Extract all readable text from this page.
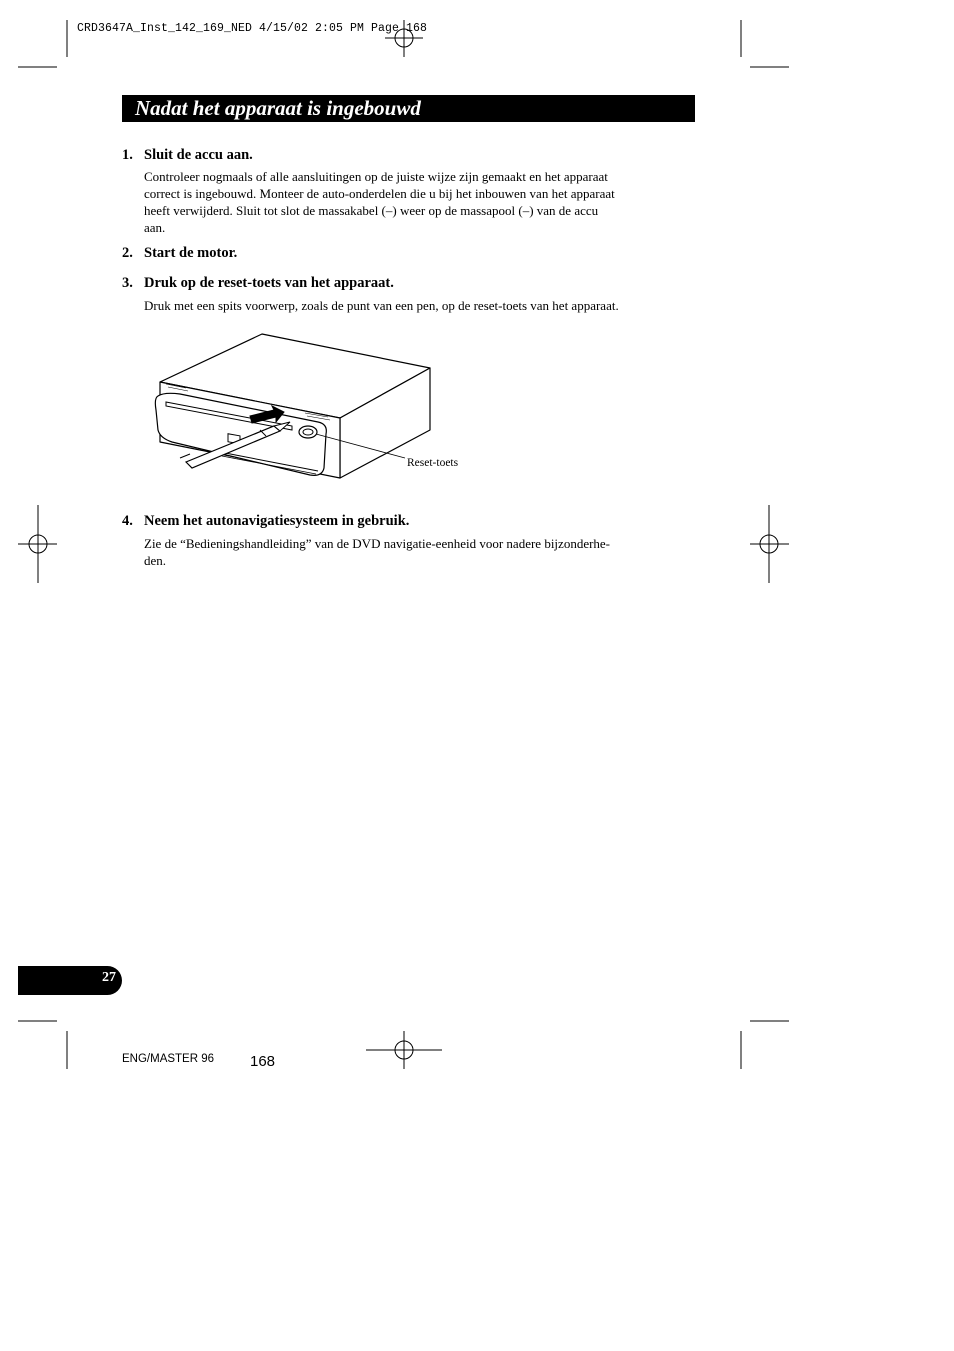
CRD3647A_Inst_142_169_NED 4/15/02 2:05 PM Page 168
Nadat het apparaat is ingebouwd
1. Sluit de accu aan.
Controleer nogmaals of alle aansluitingen op de juiste wijze zijn gemaakt en het apparaat
correct is ingebouwd. Monteer de auto-onderdelen die u bij het inbouwen van het apparaat
heeft verwijderd. Sluit tot slot de massakabel (–) weer op de massapool (–) van de accu
aan.
2. Start de motor.
3. Druk op de reset-toets van het apparaat.
Druk met een spits voorwerp, zoals de punt van een pen, op de reset-toets van het apparaat.
Reset-toets
4. Neem het autonavigatiesysteem in gebruik.
Zie de “Bedieningshandleiding” van de DVD navigatie-eenheid voor nadere bijzonderhe-
den.
27
ENG/MASTER 96 168
